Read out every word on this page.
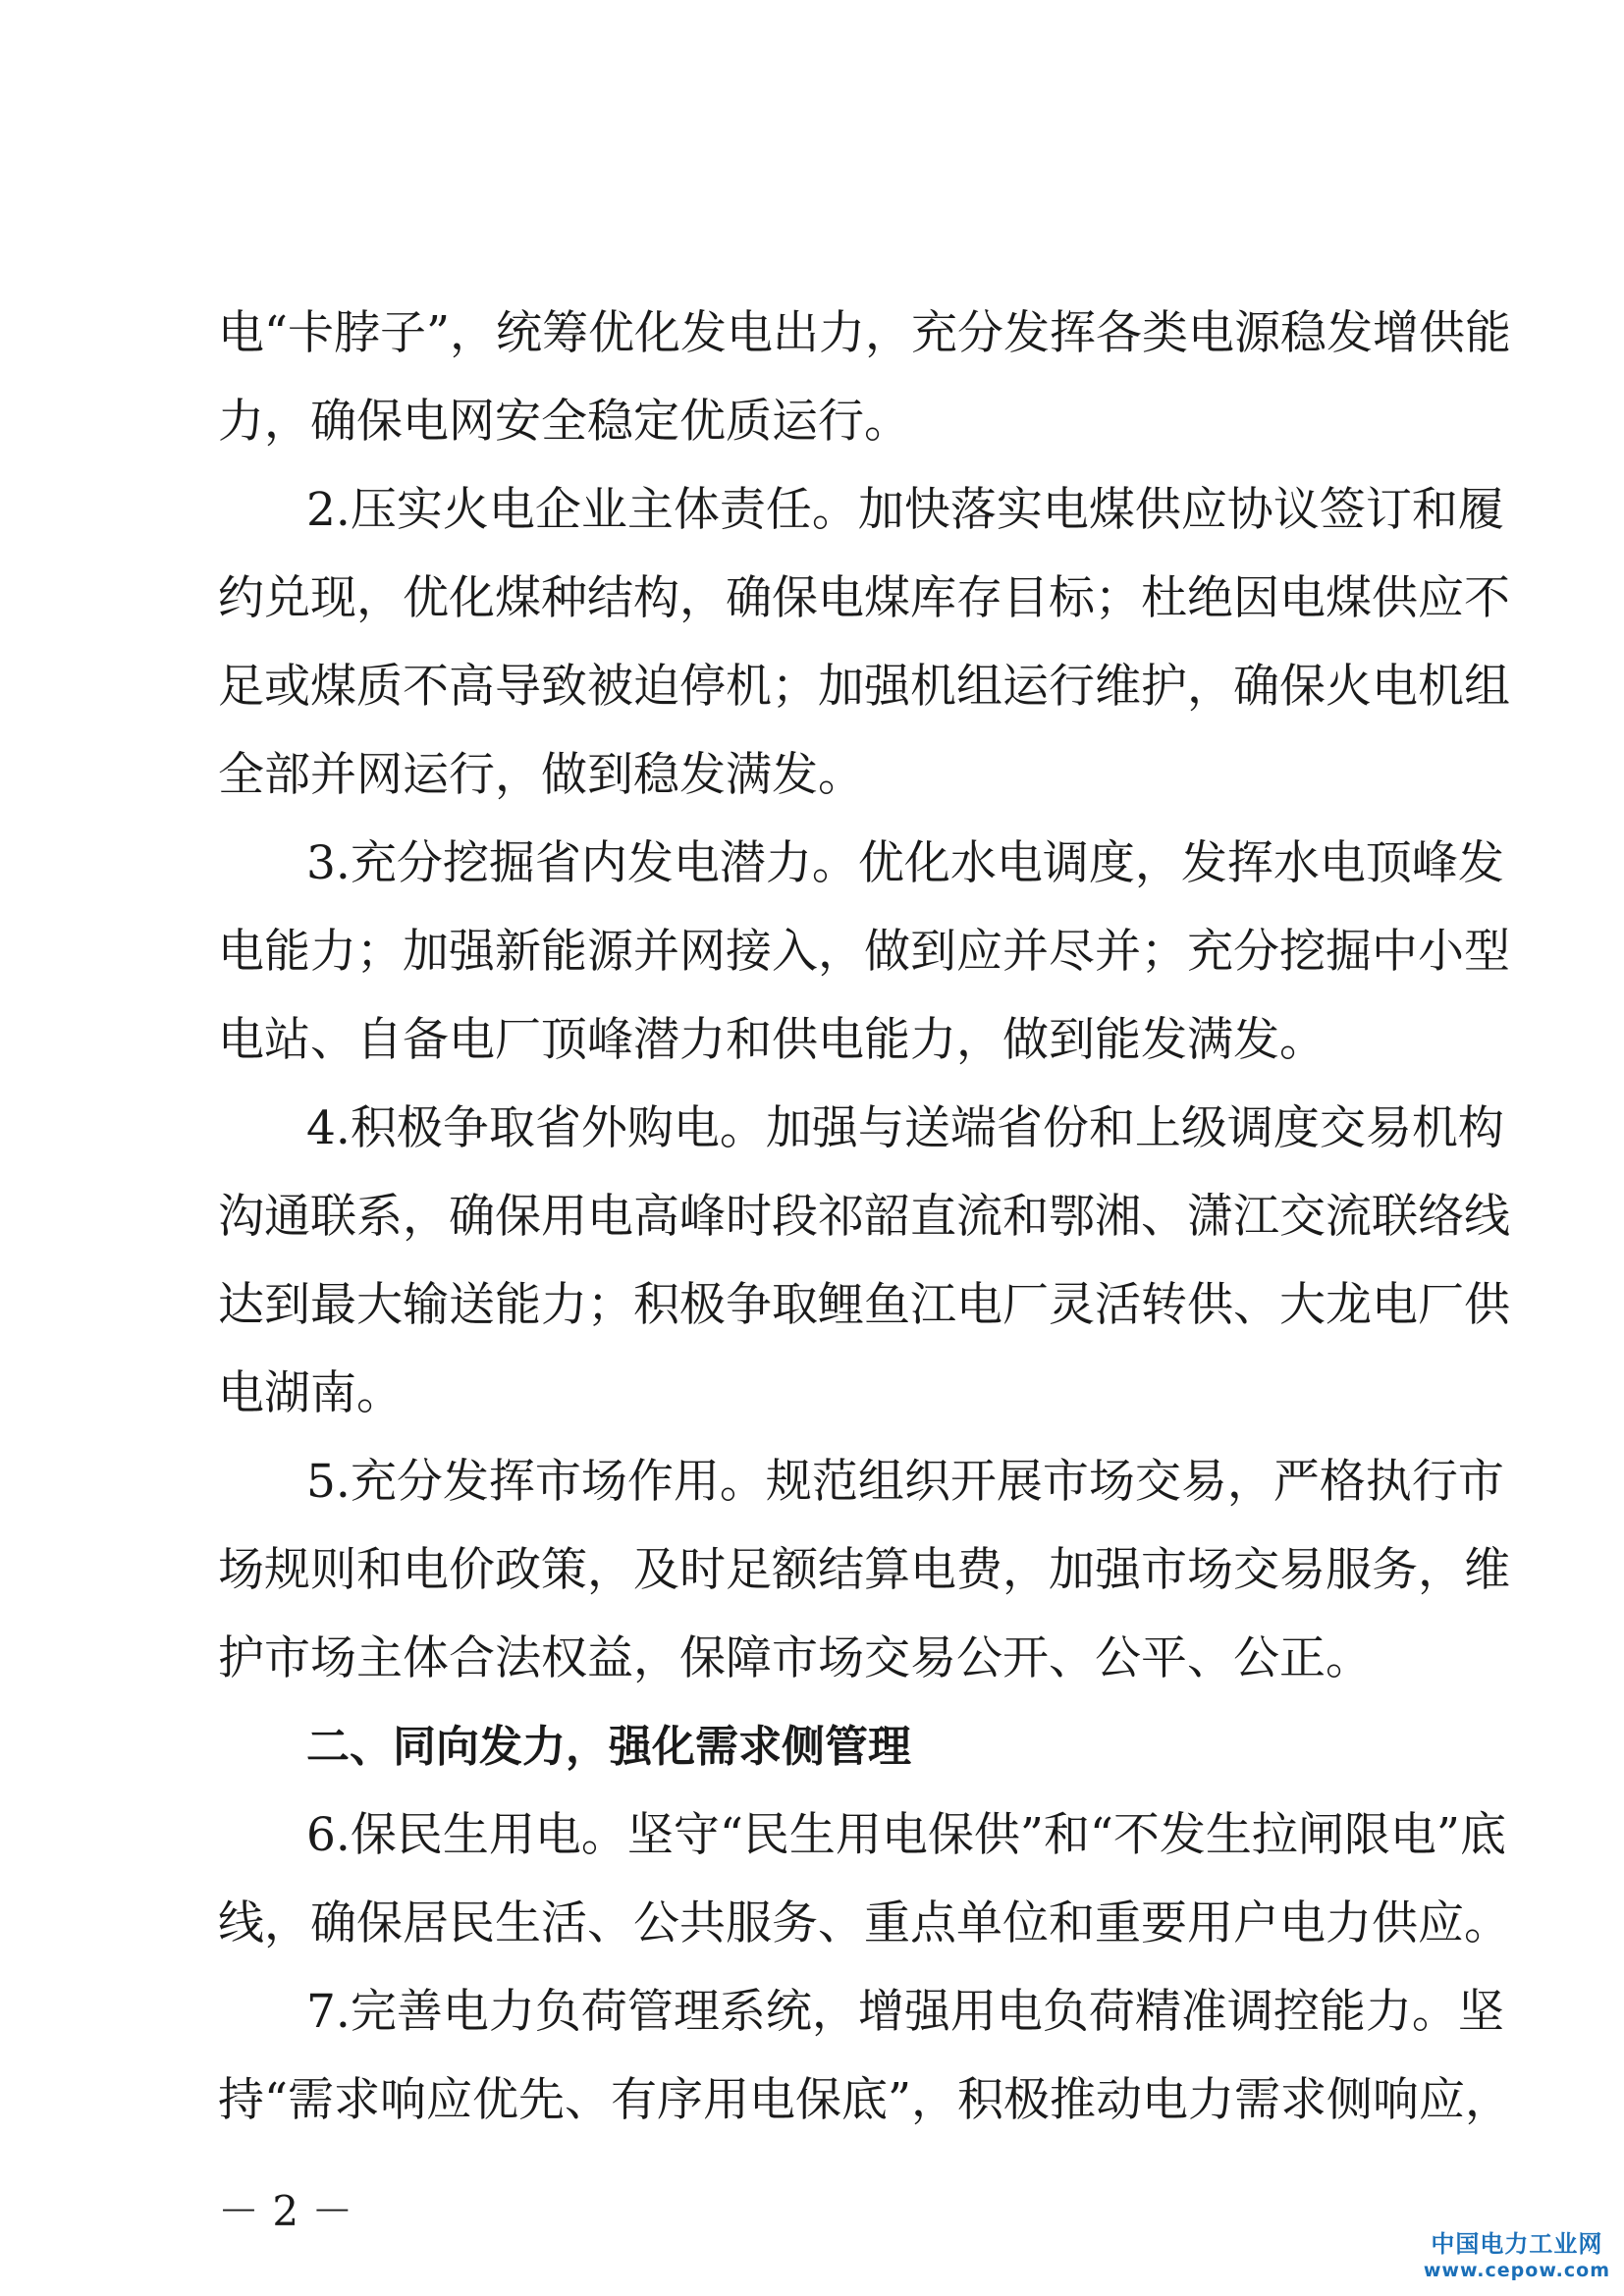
电“卡脖子”，统筹优化发电出力，充分发挥各类电源稳发增供能
力，确保电网安全稳定优质运行。
2.压实火电企业主体责任。加快落实电煤供应协议签订和履
约兑现，优化煤种结构，确保电煤库存目标；杜绝因电煤供应不
足或煤质不高导致被迫停机；加强机组运行维护，确保火电机组
全部并网运行，做到稳发满发。
3.充分挖掘省内发电潜力。优化水电调度，发挥水电顶峰发
电能力；加强新能源并网接入，做到应并尽并；充分挖掘中小型
电站、自备电厂顶峰潜力和供电能力，做到能发满发。
4.积极争取省外购电。加强与送端省份和上级调度交易机构
沟通联系，确保用电高峰时段祁韶直流和鄂湘、潇江交流联络线
达到最大输送能力；积极争取鲤鱼江电厂灵活转供、大龙电厂供
电湖南。
5.充分发挥市场作用。规范组织开展市场交易，严格执行市
场规则和电价政策，及时足额结算电费，加强市场交易服务，维
护市场主体合法权益，保障市场交易公开、公平、公正。
二、同向发力，强化需求侧管理
6.保民生用电。坚守“民生用电保供”和“不发生拉闸限电”底
线，确保居民生活、公共服务、重点单位和重要用户电力供应。
7.完善电力负荷管理系统，增强用电负荷精准调控能力。坚
持“需求响应优先、有序用电保底”，积极推动电力需求侧响应，
－ 2 －
中国电力工业网
www.cepow.com
